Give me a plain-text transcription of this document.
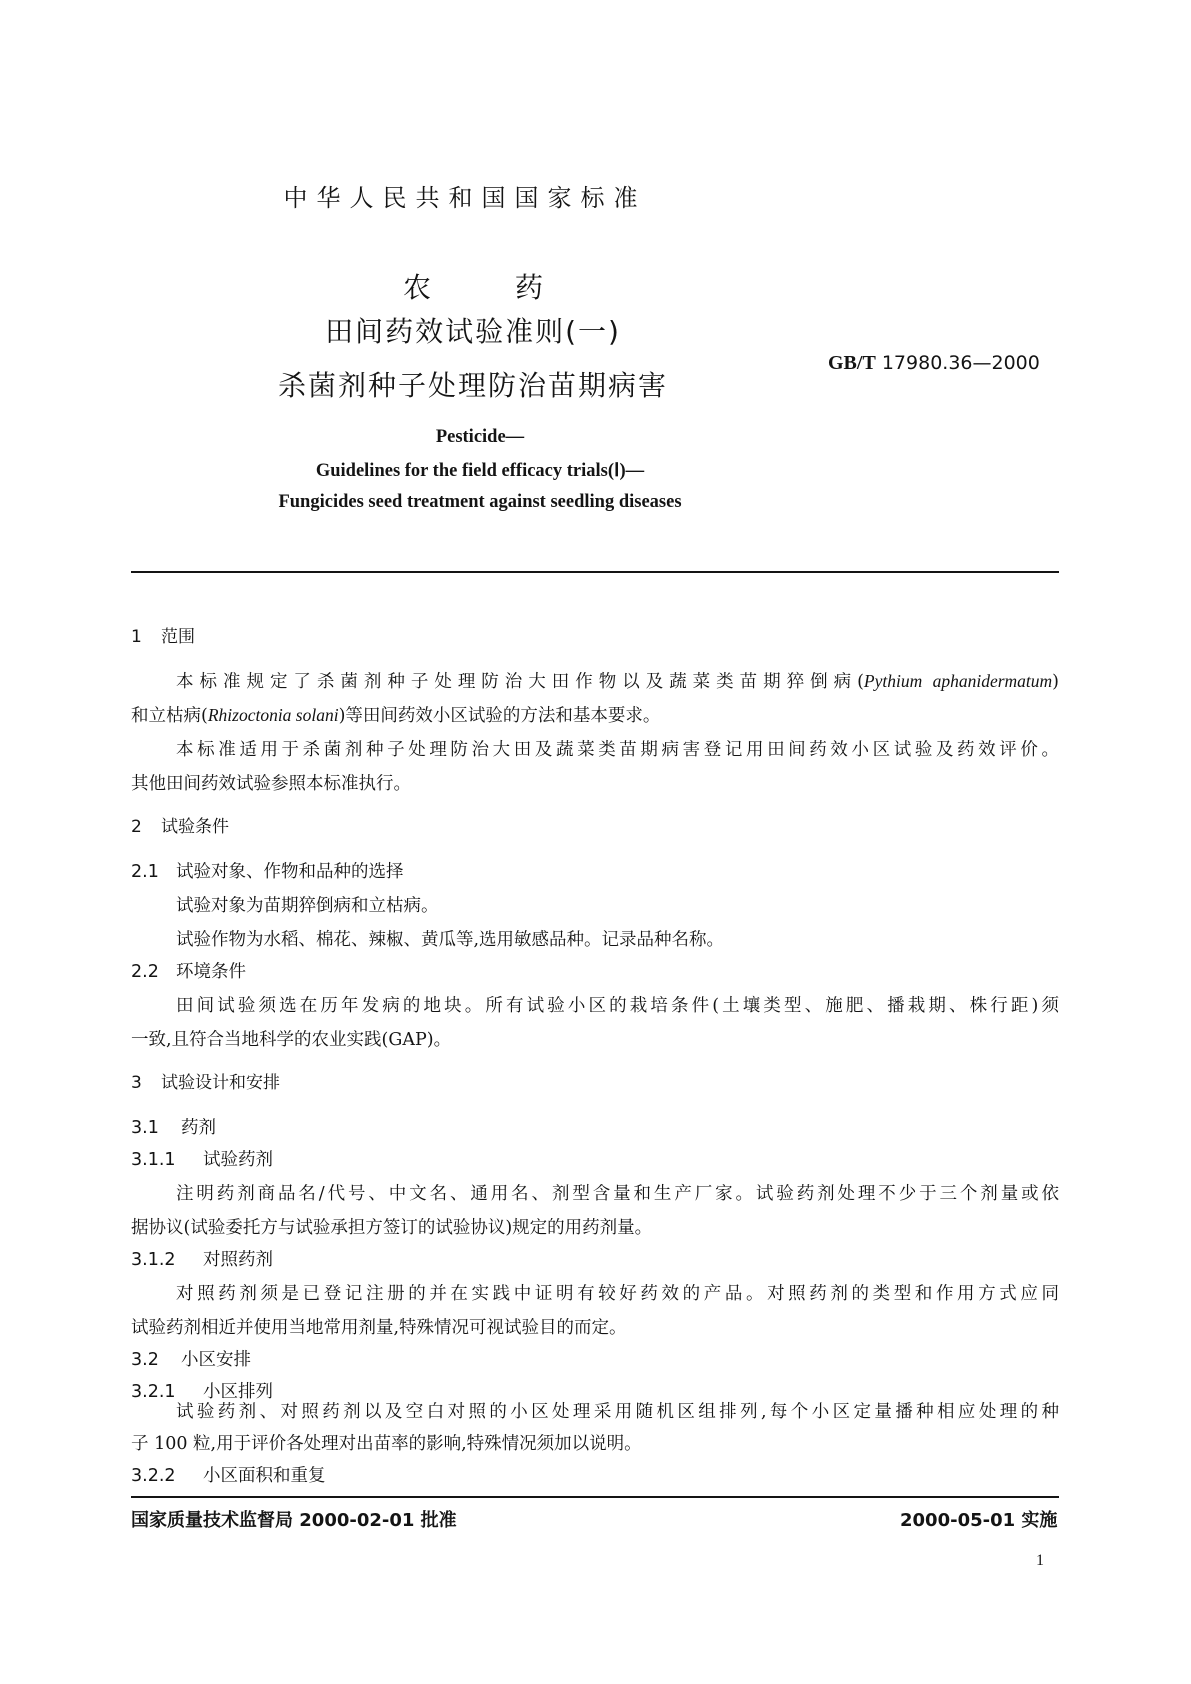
中华人民共和国国家标准
农	药
田间药效试验准则(一)
杀菌剂种子处理防治苗期病害
GB/T 17980.36—2000
Pesticide—
Guidelines for the field efficacy trials(Ⅰ)—
Fungicides seed treatment against seedling diseases
1 范围
本标准规定了杀菌剂种子处理防治大田作物以及蔬菜类苗期猝倒病(Pythium aphanidermatum)
和立枯病(Rhizoctonia solani)等田间药效小区试验的方法和基本要求。
本标准适用于杀菌剂种子处理防治大田及蔬菜类苗期病害登记用田间药效小区试验及药效评价。
其他田间药效试验参照本标准执行。
2 试验条件
2.1 试验对象、作物和品种的选择
试验对象为苗期猝倒病和立枯病。
试验作物为水稻、棉花、辣椒、黄瓜等,选用敏感品种。记录品种名称。
2.2 环境条件
田间试验须选在历年发病的地块。所有试验小区的栽培条件(土壤类型、施肥、播栽期、株行距)须
一致,且符合当地科学的农业实践(GAP)。
3 试验设计和安排
3.1 药剂
3.1.1 试验药剂
注明药剂商品名/代号、中文名、通用名、剂型含量和生产厂家。试验药剂处理不少于三个剂量或依
据协议(试验委托方与试验承担方签订的试验协议)规定的用药剂量。
3.1.2 对照药剂
对照药剂须是已登记注册的并在实践中证明有较好药效的产品。对照药剂的类型和作用方式应同
试验药剂相近并使用当地常用剂量,特殊情况可视试验目的而定。
3.2 小区安排
3.2.1 小区排列
试验药剂、对照药剂以及空白对照的小区处理采用随机区组排列,每个小区定量播种相应处理的种
子 100 粒,用于评价各处理对出苗率的影响,特殊情况须加以说明。
国家质量技术监督局 2000-02-01 批准	2000-05-01 实施
1
3.2.2 小区面积和重复
